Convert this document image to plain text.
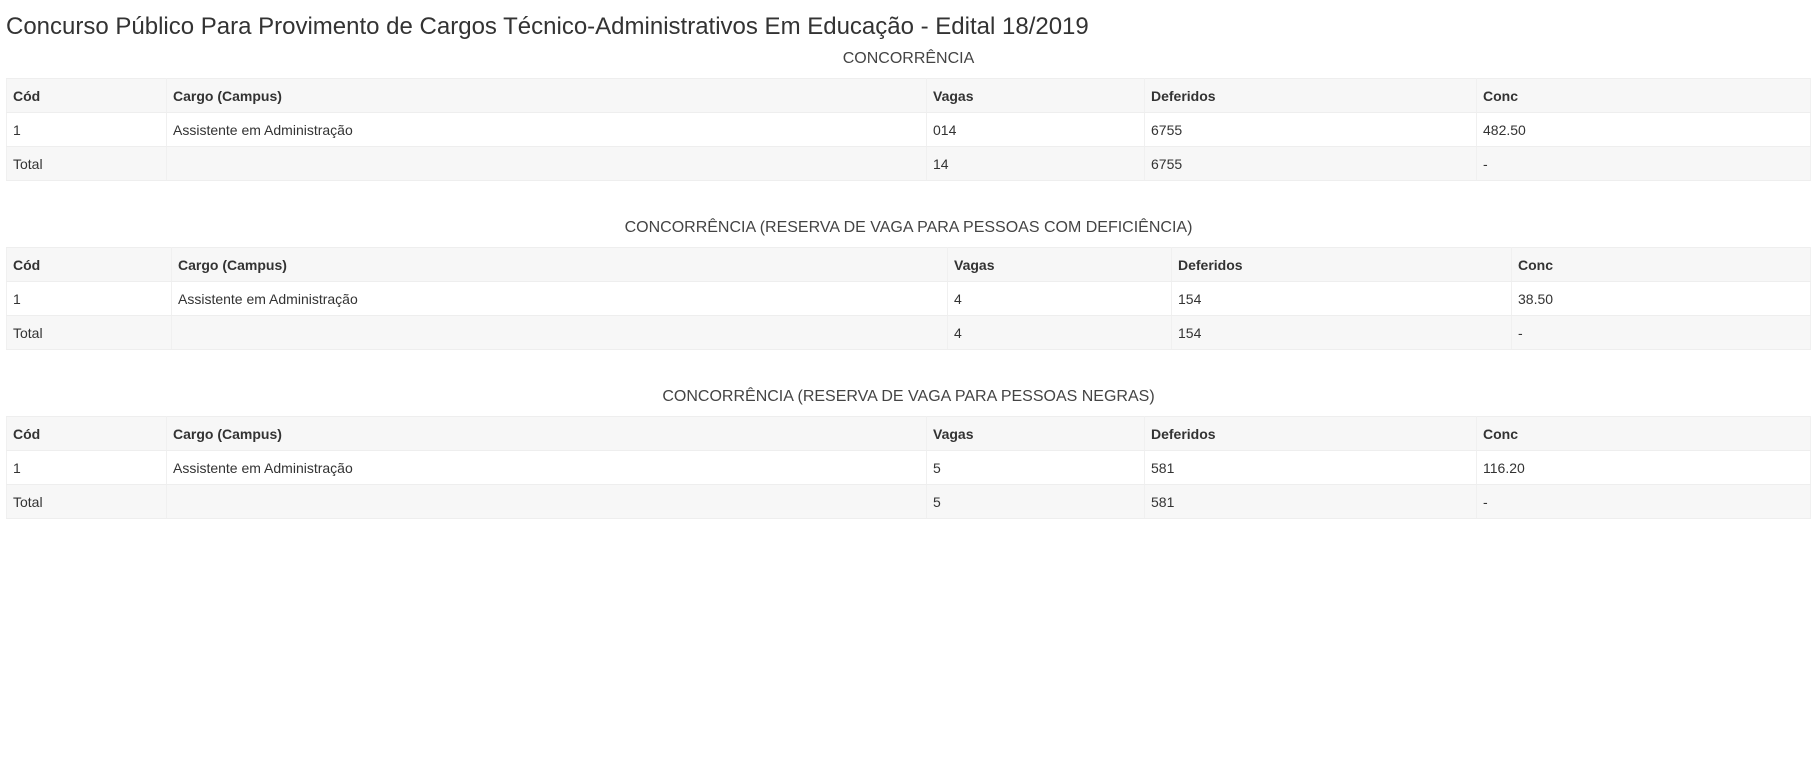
Concurso Público Para Provimento de Cargos Técnico-Administrativos Em Educação - Edital 18/2019
CONCORRÊNCIA
Cód	Cargo (Campus)	Vagas	Deferidos	Conc
1	Assistente em Administração	014	6755	482.50
Total		14	6755	-
CONCORRÊNCIA (RESERVA DE VAGA PARA PESSOAS COM DEFICIÊNCIA)
Cód	Cargo (Campus)	Vagas	Deferidos	Conc
1	Assistente em Administração	4	154	38.50
Total		4	154	-
CONCORRÊNCIA (RESERVA DE VAGA PARA PESSOAS NEGRAS)
Cód	Cargo (Campus)	Vagas	Deferidos	Conc
1	Assistente em Administração	5	581	116.20
Total		5	581	-
